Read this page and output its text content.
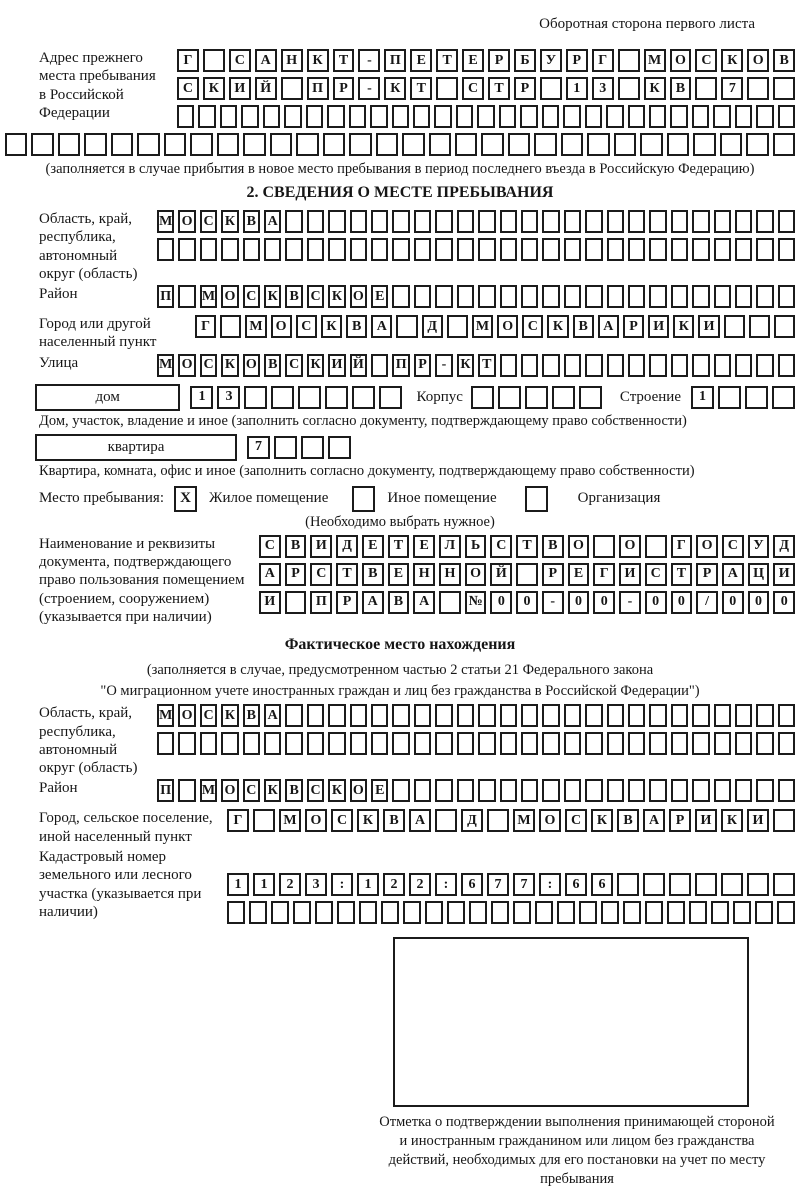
Оборотная сторона первого листа
Адрес прежнего места пребывания в Российской Федерации
Г	С	А	Н	К	Т	-	П	Е	Т	Е	Р	Б	У	Р	Г	М О	С	К	О	В
С	К	И	Й	П	Р	-	К	Т	С	Т	Р	1	3	К	В	7
(заполняется в случае прибытия в новое место пребывания в период последнего въезда в Российскую Федерацию)
2. СВЕДЕНИЯ О МЕСТЕ ПРЕБЫВАНИЯ
Область, край, республика, автономный округ (область)
М О С К В А
Район	П М О С К В С К О Е
Город или другой населенный пункт
Г	М О	С	К	В	А	Д	М О	С	К	В	А	Р	И	К	И
Улица	М О С К О В С К И Й П Р	-	К Т
дом	1	3	Корпус	Строение	1
Дом, участок, владение и иное (заполнить согласно документу, подтверждающему право собственности)
квартира	7
Квартира, комната, офис и иное (заполнить согласно документу, подтверждающему право собственности)
Место пребывания:	X	Жилое помещение	Иное помещение	Организация
(Необходимо выбрать нужное)
Наименование и реквизиты документа, подтверждающего право пользования помещением (строением, сооружением) (указывается при наличии)
С	В	И	Д	Е	Т	Е	Л	Ь	С	Т	В	О	О	Г	О	С	У	Д
А	Р	С	Т	В	Е	Н	Н	О	Й	Р	Е	Г	И	С	Т	Р	А	Ц	И
И	П	Р	А	В	А	№	0	0	-	0	0	-	0	0	/	0	0	0
Фактическое место нахождения
(заполняется в случае, предусмотренном частью 2 статьи 21 Федерального закона
"О миграционном учете иностранных граждан и лиц без гражданства в Российской Федерации")
Область, край, республика, автономный округ (область)
М О С К В А
Район	П М О С К В С К О Е
Город, сельское поселение, иной населенный пункт
Г	М О	С	К	В	А	Д	М О	С	К	В	А	Р	И	К	И
Кадастровый номер земельного или лесного участка (указывается при наличии)
1	1	2	3	:	1	2	2	:	6	7	7	:	6	6
Отметка о подтверждении выполнения принимающей стороной и иностранным гражданином или лицом без гражданства действий, необходимых для его постановки на учет по месту пребывания
